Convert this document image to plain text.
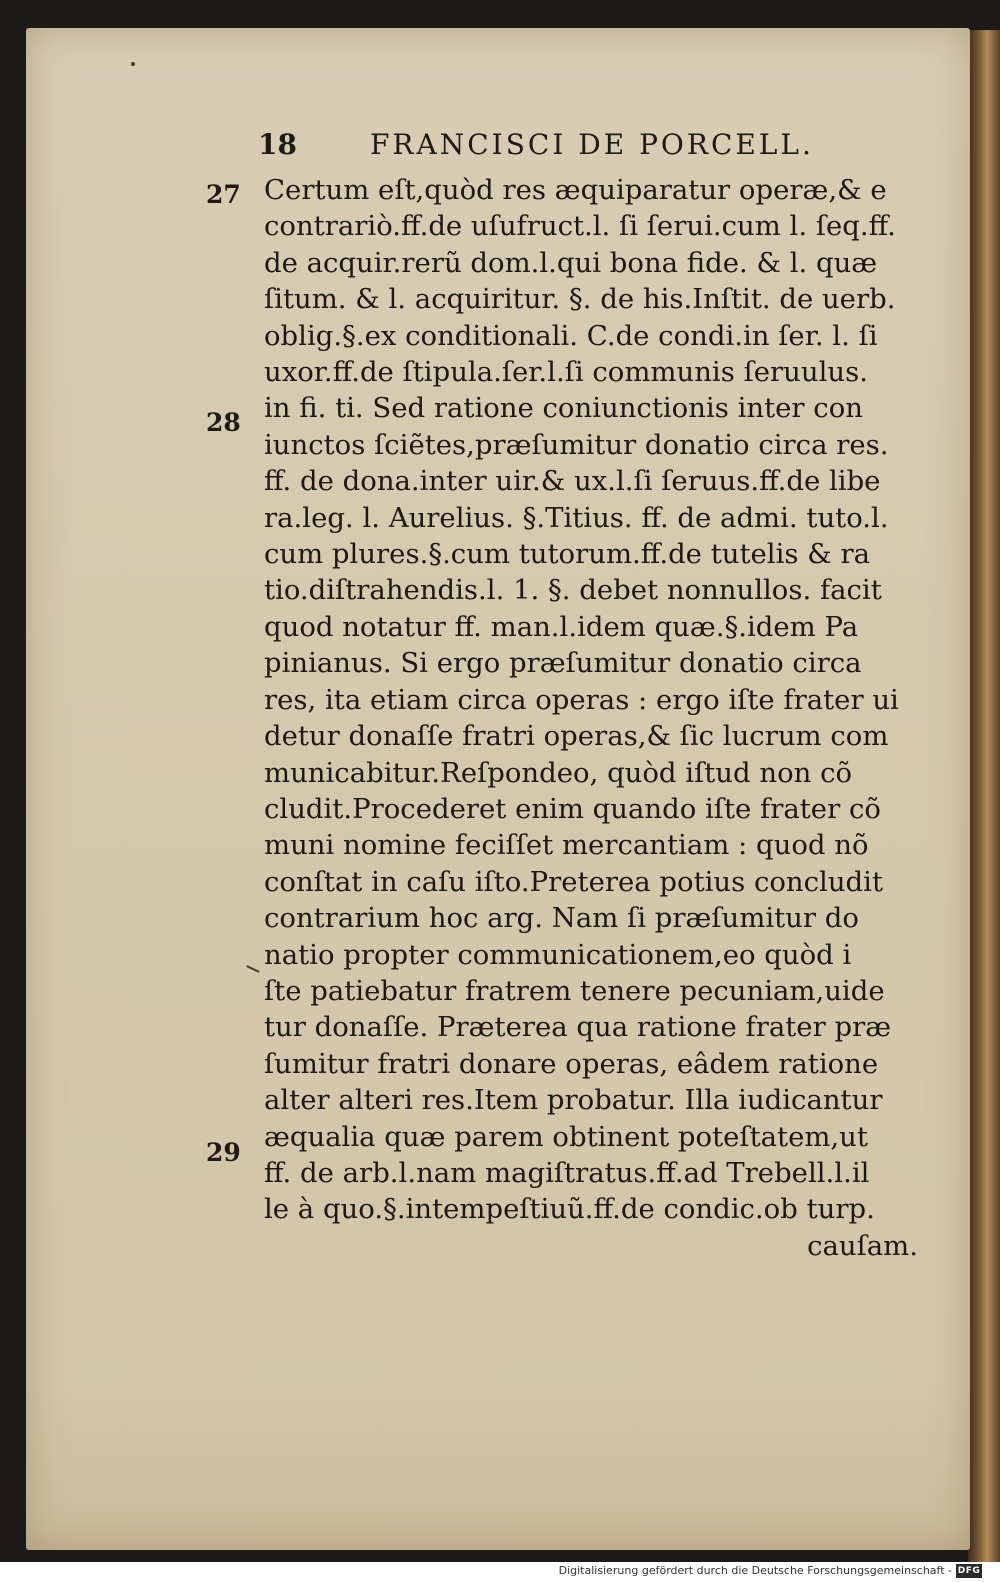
18	FRANCISCI DE PORCELL.
27
28
29
Certum eſt,quòd res æquiparatur operæ,& e
contrariò.ff.de uſufruct.l. ſi ſerui.cum l. ſeq.ff.
de acquir.rerũ dom.l.qui bona fide. & l. quæ
ſitum. & l. acquiritur. §. de his.Inſtit. de uerb.
oblig.§.ex conditionali. C.de condi.in ſer. l. ſi
uxor.ff.de ſtipula.ſer.l.ſi communis ſeruulus.
in fi. ti. Sed ratione coniunctionis inter con
iunctos ſciẽtes,præſumitur donatio circa res.
ff. de dona.inter uir.& ux.l.ſi ſeruus.ff.de libe
ra.leg. l. Aurelius. §.Titius. ff. de admi. tuto.l.
cum plures.§.cum tutorum.ff.de tutelis & ra
tio.diſtrahendis.l. 1. §. debet nonnullos. facit
quod notatur ff. man.l.idem quæ.§.idem Pa
pinianus. Si ergo præſumitur donatio circa
res, ita etiam circa operas : ergo iſte frater ui
detur donaſſe fratri operas,& ſic lucrum com
municabitur.Reſpondeo, quòd iſtud non cõ
cludit.Procederet enim quando iſte frater cõ
muni nomine feciſſet mercantiam : quod nõ
conſtat in caſu iſto.Preterea potius concludit
contrarium hoc arg. Nam ſi præſumitur do
natio propter communicationem,eo quòd i
ſte patiebatur fratrem tenere pecuniam,uide
tur donaſſe. Præterea qua ratione frater præ
ſumitur fratri donare operas, eâdem ratione
alter alteri res.Item probatur. Illa iudicantur
æqualia quæ parem obtinent poteſtatem,ut
ff. de arb.l.nam magiſtratus.ff.ad Trebell.l.il
le à quo.§.intempeſtiuũ.ff.de condic.ob turp.
cauſam.
Digitalisierung gefördert durch die Deutsche Forschungsgemeinschaft - DFG
